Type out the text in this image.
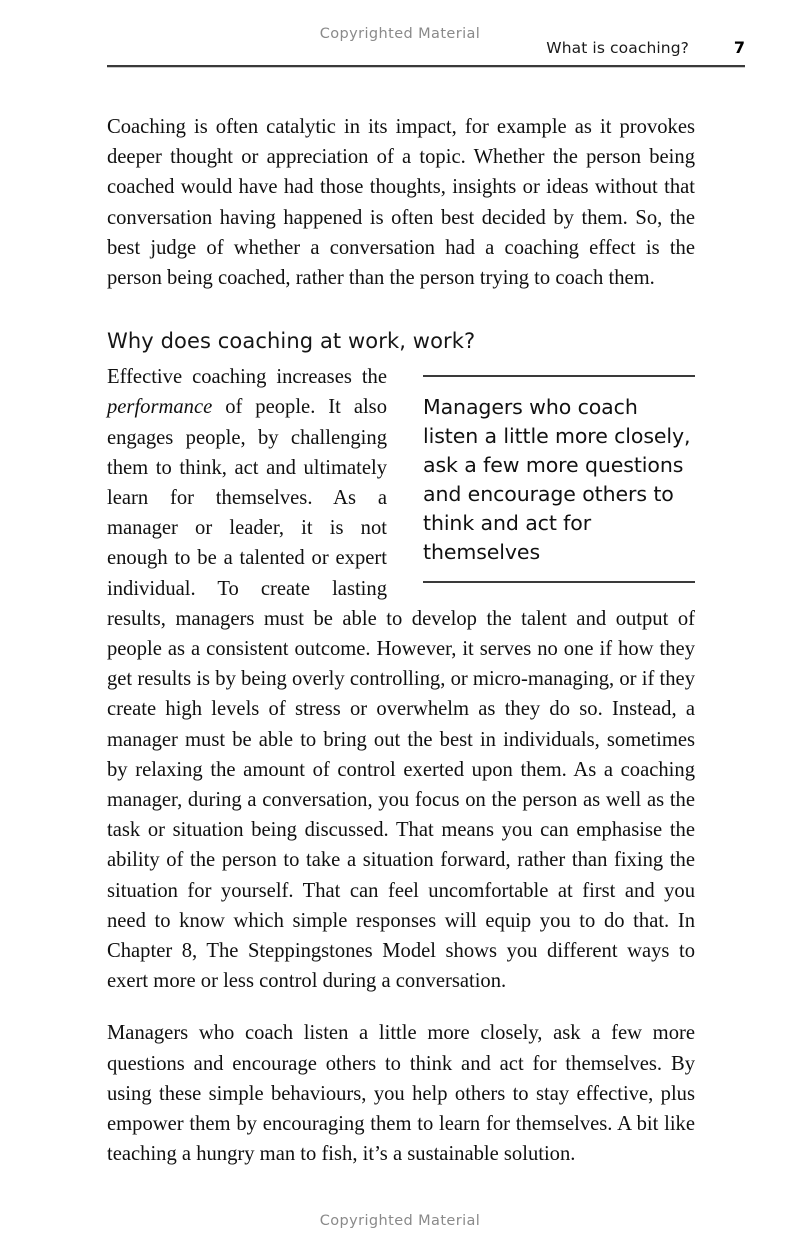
Copyrighted Material
What is coaching?	7

Coaching is often catalytic in its impact, for example as it provokes deeper thought or appreciation of a topic. Whether the person being coached would have had those thoughts, insights or ideas without that conversation having happened is often best decided by them. So, the best judge of whether a conversation had a coaching effect is the person being coached, rather than the person trying to coach them.

Why does coaching at work, work?

Managers who coach listen a little more closely, ask a few more questions and encourage others to think and act for themselves

Effective coaching increases the performance of people. It also engages people, by challenging them to think, act and ultimately learn for themselves. As a manager or leader, it is not enough to be a talented or expert individual. To create lasting results, managers must be able to develop the talent and output of people as a consistent outcome. However, it serves no one if how they get results is by being overly controlling, or micro-managing, or if they create high levels of stress or overwhelm as they do so. Instead, a manager must be able to bring out the best in individuals, sometimes by relaxing the amount of control exerted upon them. As a coaching manager, during a conversation, you focus on the person as well as the task or situation being discussed. That means you can emphasise the ability of the person to take a situation forward, rather than fixing the situation for yourself. That can feel uncomfortable at first and you need to know which simple responses will equip you to do that. In Chapter 8, The Steppingstones Model shows you different ways to exert more or less control during a conversation.

Managers who coach listen a little more closely, ask a few more questions and encourage others to think and act for themselves. By using these simple behaviours, you help others to stay effective, plus empower them by encouraging them to learn for themselves. A bit like teaching a hungry man to fish, it’s a sustainable solution.

Copyrighted Material
